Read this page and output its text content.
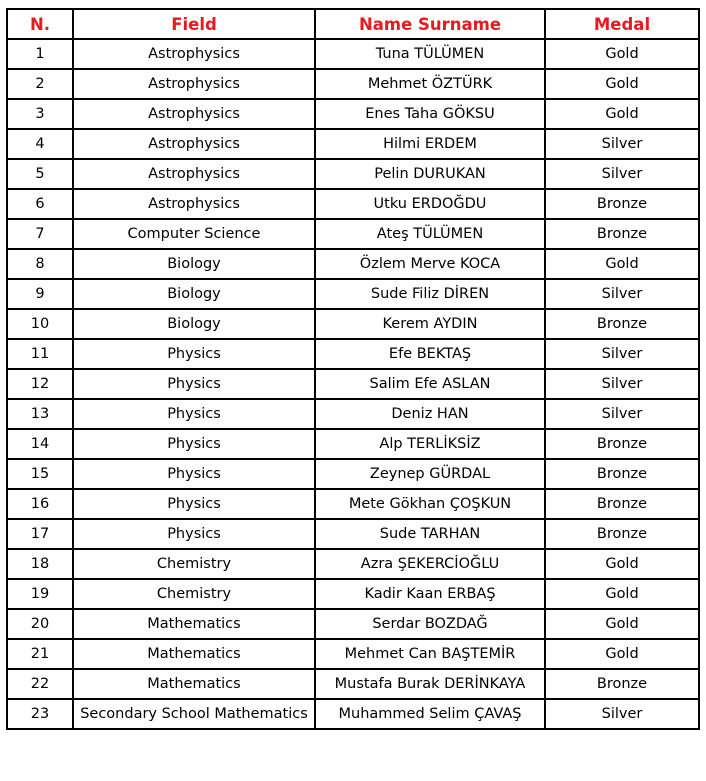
N.	Field	Name Surname	Medal
1	Astrophysics	Tuna TÜLÜMEN	Gold
2	Astrophysics	Mehmet ÖZTÜRK	Gold
3	Astrophysics	Enes Taha GÖKSU	Gold
4	Astrophysics	Hilmi ERDEM	Silver
5	Astrophysics	Pelin DURUKAN	Silver
6	Astrophysics	Utku ERDOĞDU	Bronze
7	Computer Science	Ateş TÜLÜMEN	Bronze
8	Biology	Özlem Merve KOCA	Gold
9	Biology	Sude Filiz DİREN	Silver
10	Biology	Kerem AYDIN	Bronze
11	Physics	Efe BEKTAŞ	Silver
12	Physics	Salim Efe ASLAN	Silver
13	Physics	Deniz HAN	Silver
14	Physics	Alp TERLİKSİZ	Bronze
15	Physics	Zeynep GÜRDAL	Bronze
16	Physics	Mete Gökhan ÇOŞKUN	Bronze
17	Physics	Sude TARHAN	Bronze
18	Chemistry	Azra ŞEKERCİOĞLU	Gold
19	Chemistry	Kadir Kaan ERBAŞ	Gold
20	Mathematics	Serdar BOZDAĞ	Gold
21	Mathematics	Mehmet Can BAŞTEMİR	Gold
22	Mathematics	Mustafa Burak DERİNKAYA	Bronze
23	Secondary School Mathematics	Muhammed Selim ÇAVAŞ	Silver
